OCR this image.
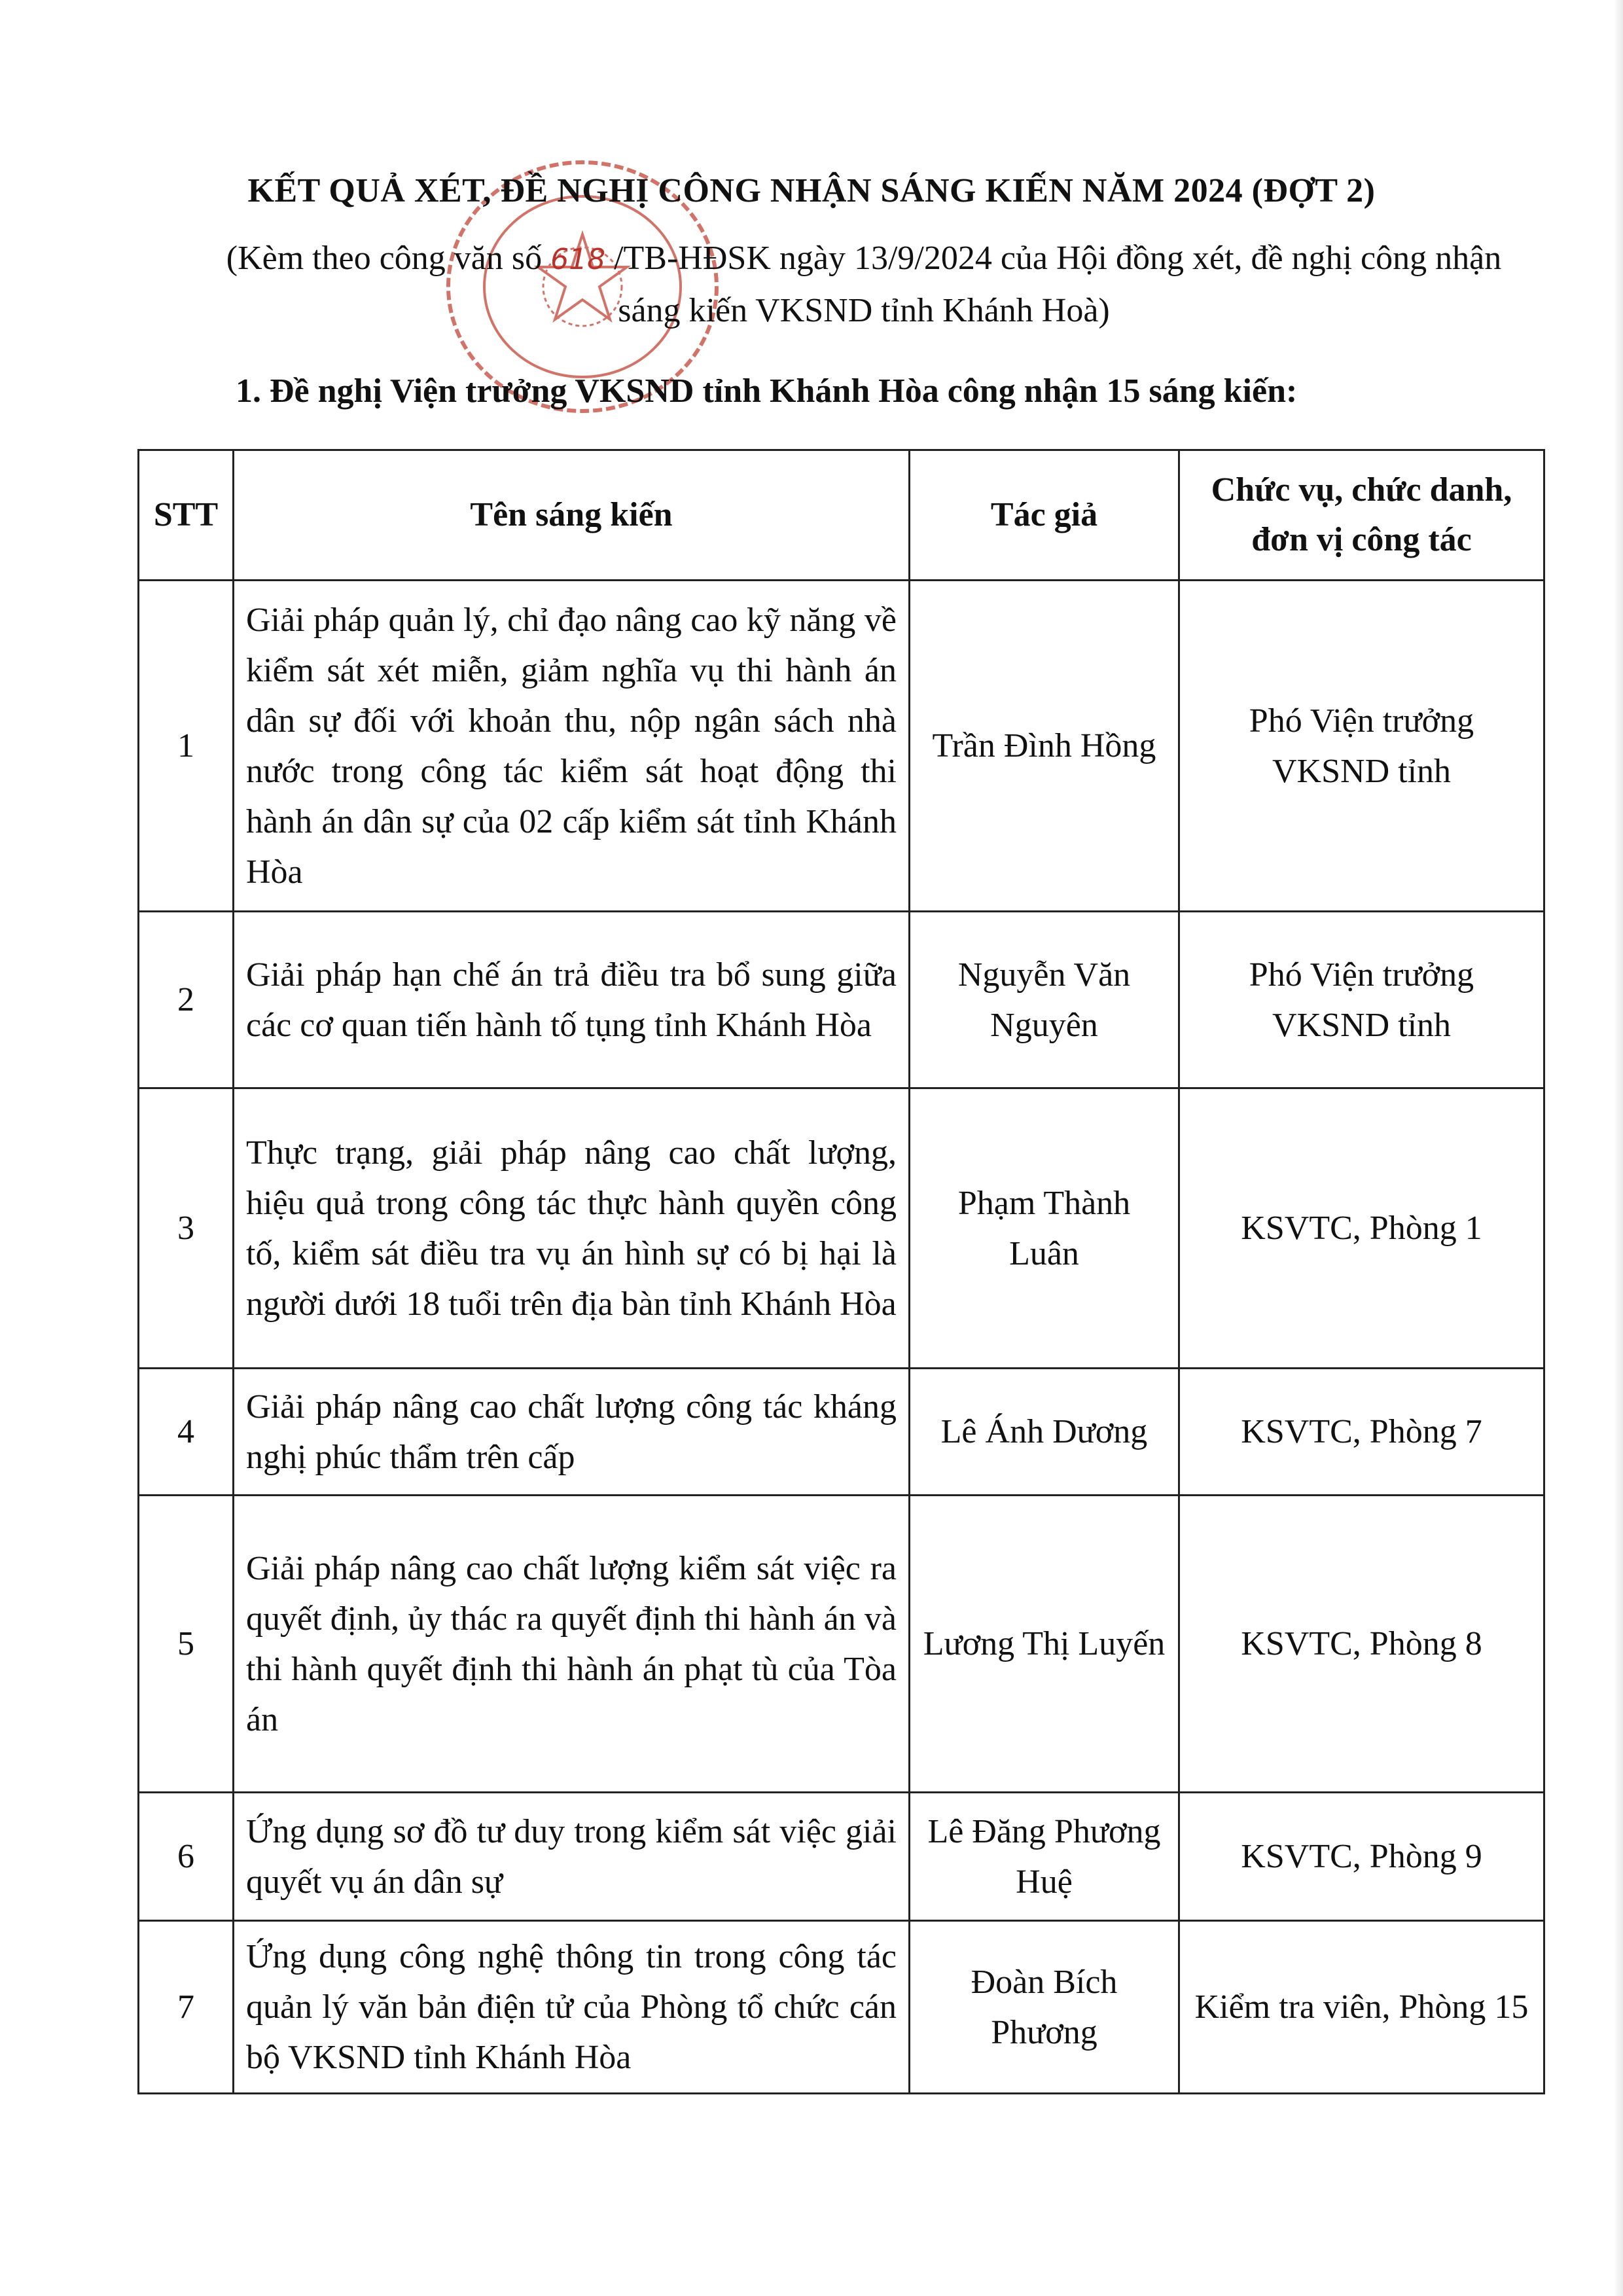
KẾT QUẢ XÉT, ĐỀ NGHỊ CÔNG NHẬN SÁNG KIẾN NĂM 2024 (ĐỢT 2)

(Kèm theo công văn số 618 /TB-HĐSK ngày 13/9/2024 của Hội đồng xét, đề nghị công nhận sáng kiến VKSND tỉnh Khánh Hoà)

1. Đề nghị Viện trưởng VKSND tỉnh Khánh Hòa công nhận 15 sáng kiến:
STT	Tên sáng kiến	Tác giả	Chức vụ, chức danh, đơn vị công tác
1	Giải pháp quản lý, chỉ đạo nâng cao kỹ năng về kiểm sát xét miễn, giảm nghĩa vụ thi hành án dân sự đối với khoản thu, nộp ngân sách nhà nước trong công tác kiểm sát hoạt động thi hành án dân sự của 02 cấp kiểm sát tỉnh Khánh Hòa	Trần Đình Hồng	Phó Viện trưởng VKSND tỉnh
2	Giải pháp hạn chế án trả điều tra bổ sung giữa các cơ quan tiến hành tố tụng tỉnh Khánh Hòa	Nguyễn Văn Nguyên	Phó Viện trưởng VKSND tỉnh
3	Thực trạng, giải pháp nâng cao chất lượng, hiệu quả trong công tác thực hành quyền công tố, kiểm sát điều tra vụ án hình sự có bị hại là người dưới 18 tuổi trên địa bàn tỉnh Khánh Hòa	Phạm Thành Luân	KSVTC, Phòng 1
4	Giải pháp nâng cao chất lượng công tác kháng nghị phúc thẩm trên cấp	Lê Ánh Dương	KSVTC, Phòng 7
5	Giải pháp nâng cao chất lượng kiểm sát việc ra quyết định, ủy thác ra quyết định thi hành án và thi hành quyết định thi hành án phạt tù của Tòa án	Lương Thị Luyến	KSVTC, Phòng 8
6	Ứng dụng sơ đồ tư duy trong kiểm sát việc giải quyết vụ án dân sự	Lê Đăng Phương Huệ	KSVTC, Phòng 9
7	Ứng dụng công nghệ thông tin trong công tác quản lý văn bản điện tử của Phòng tổ chức cán bộ VKSND tỉnh Khánh Hòa	Đoàn Bích Phương	Kiểm tra viên, Phòng 15
